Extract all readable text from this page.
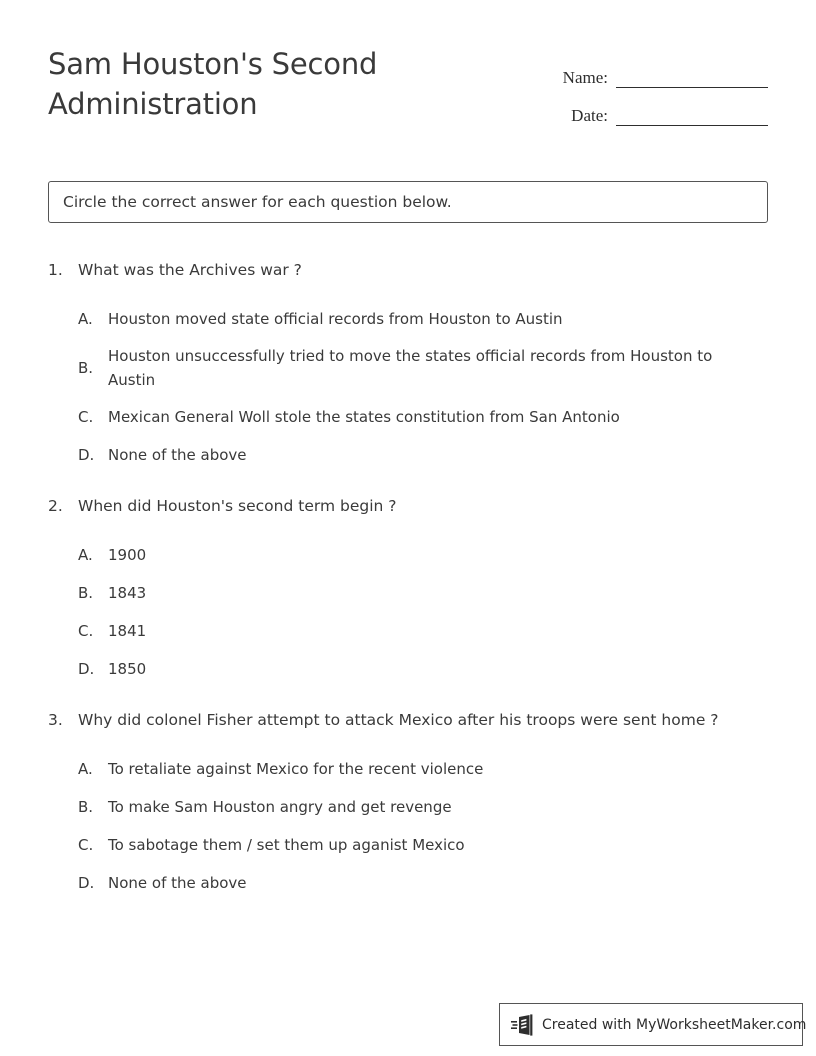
Sam Houston's Second Administration
Name:
Date:
Circle the correct answer for each question below.
1. What was the Archives war ?
A.	Houston moved state official records from Houston to Austin
B.
Houston unsuccessfully tried to move the states official records from Houston to Austin
C. Mexican General Woll stole the states constitution from San Antonio
D. None of the above
2. When did Houston's second term begin ?
A.	1900
B. 1843
C. 1841
D. 1850
3. Why did colonel Fisher attempt to attack Mexico after his troops were sent home ?
A.	To retaliate against Mexico for the recent violence
B. To make Sam Houston angry and get revenge
C. To sabotage them / set them up aganist Mexico
D. None of the above
Created with MyWorksheetMaker.com
